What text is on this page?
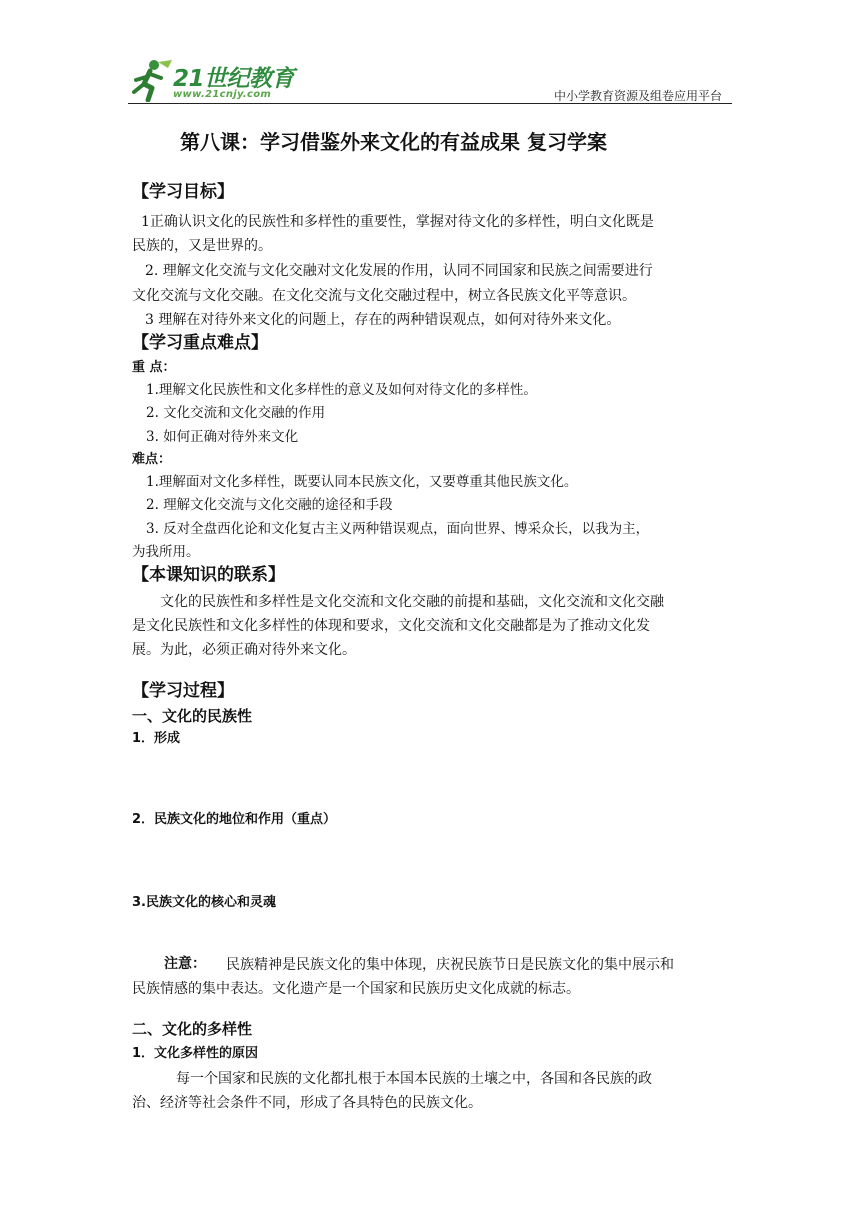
21世纪教育
www.21cnjy.com	中小学教育资源及组卷应用平台
第八课：学习借鉴外来文化的有益成果 复习学案
【学习目标】
1正确认识文化的民族性和多样性的重要性，掌握对待文化的多样性，明白文化既是
民族的，又是世界的。
2. 理解文化交流与文化交融对文化发展的作用，认同不同国家和民族之间需要进行
文化交流与文化交融。在文化交流与文化交融过程中，树立各民族文化平等意识。
3 理解在对待外来文化的问题上，存在的两种错误观点，如何对待外来文化。
【学习重点难点】
重 点：
1.理解文化民族性和文化多样性的意义及如何对待文化的多样性。
2. 文化交流和文化交融的作用
3. 如何正确对待外来文化
难点：
1.理解面对文化多样性，既要认同本民族文化，又要尊重其他民族文化。
2. 理解文化交流与文化交融的途径和手段
3. 反对全盘西化论和文化复古主义两种错误观点，面向世界、博采众长，以我为主，
为我所用。
【本课知识的联系】
文化的民族性和多样性是文化交流和文化交融的前提和基础，文化交流和文化交融
是文化民族性和文化多样性的体现和要求，文化交流和文化交融都是为了推动文化发
展。为此，必须正确对待外来文化。
【学习过程】
一、文化的民族性
1．形成
2．民族文化的地位和作用（重点）
3.民族文化的核心和灵魂
注意： 民族精神是民族文化的集中体现，庆祝民族节日是民族文化的集中展示和
民族情感的集中表达。文化遗产是一个国家和民族历史文化成就的标志。
二、文化的多样性
1．文化多样性的原因
每一个国家和民族的文化都扎根于本国本民族的土壤之中，各国和各民族的政
治、经济等社会条件不同，形成了各具特色的民族文化。
